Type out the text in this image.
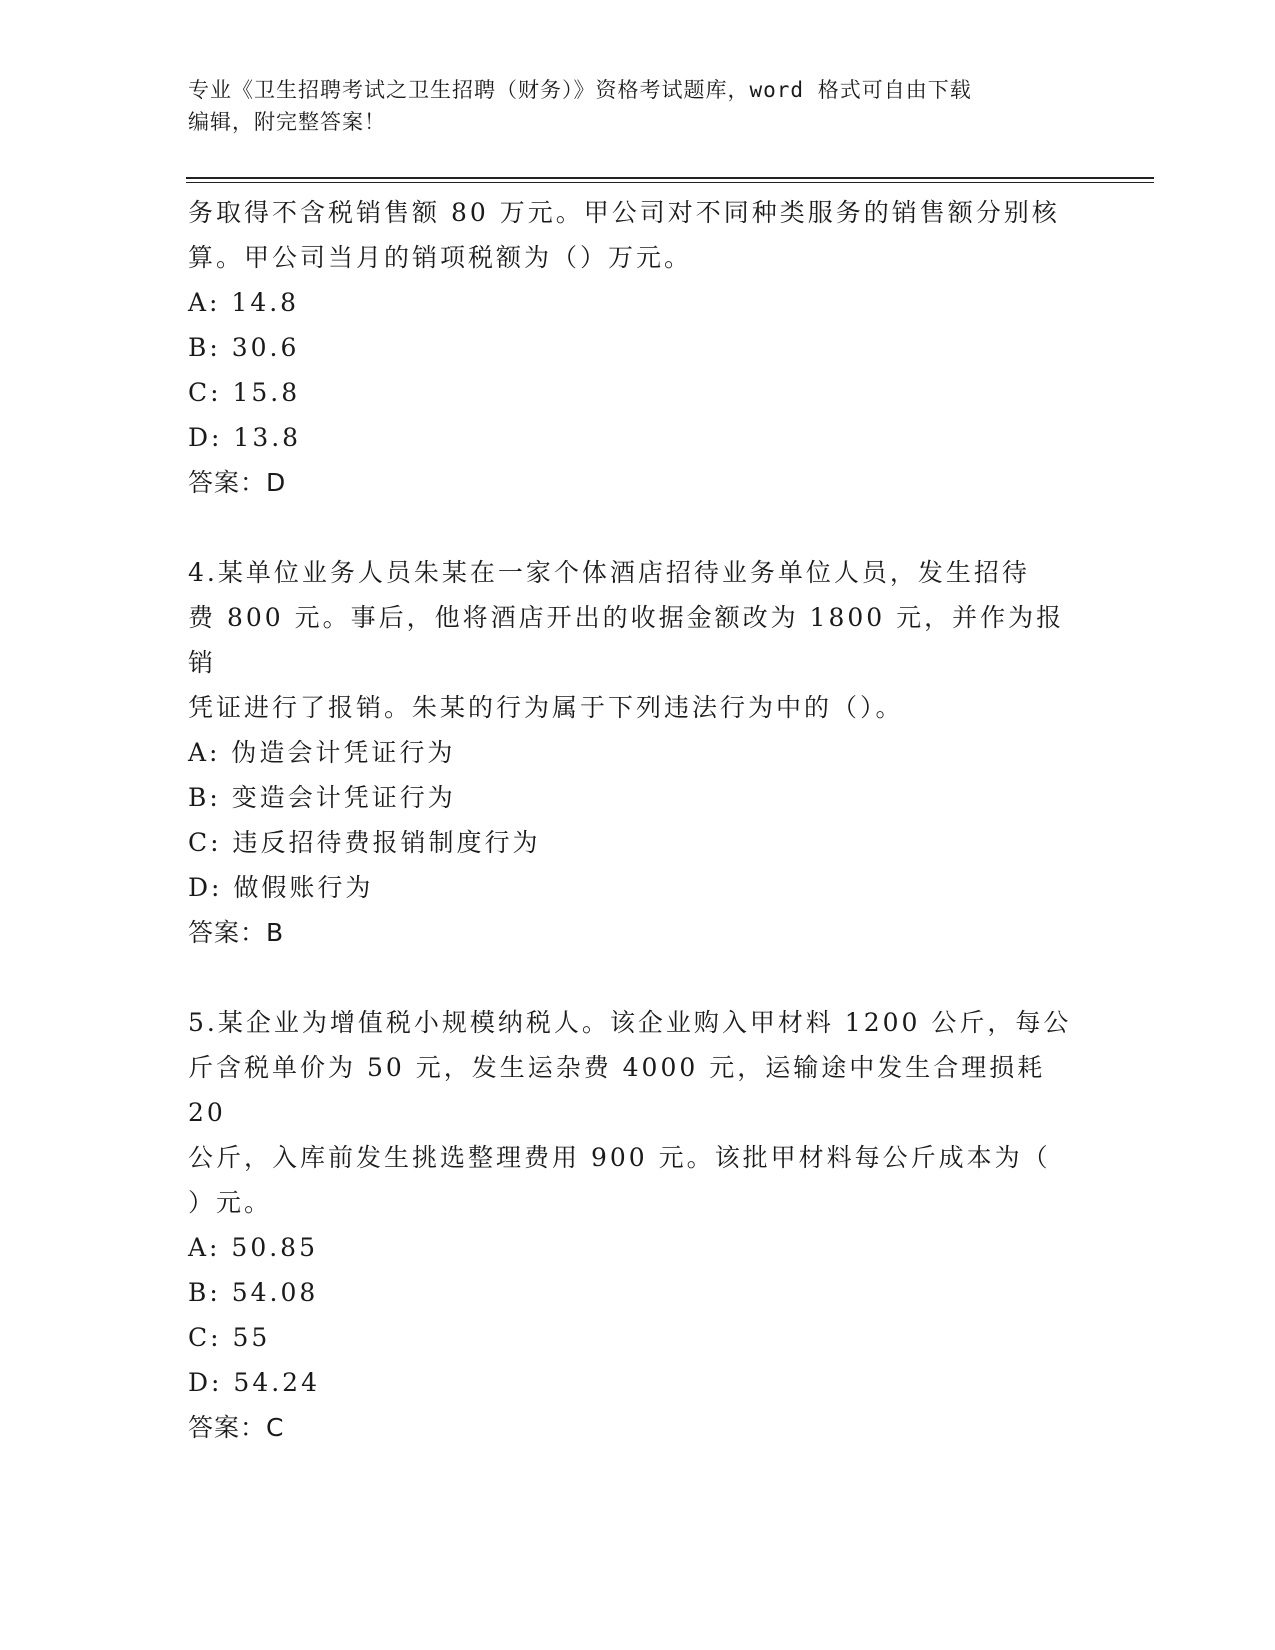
专业《卫生招聘考试之卫生招聘（财务）》资格考试题库，word 格式可自由下载
编辑，附完整答案！

务取得不含税销售额 80 万元。甲公司对不同种类服务的销售额分别核

算。甲公司当月的销项税额为（）万元。

A: 14.8

B: 30.6

C: 15.8

D: 13.8

答案：D

4.某单位业务人员朱某在一家个体酒店招待业务单位人员，发生招待

费 800 元。事后，他将酒店开出的收据金额改为 1800 元，并作为报销

凭证进行了报销。朱某的行为属于下列违法行为中的（）。

A: 伪造会计凭证行为

B: 变造会计凭证行为

C: 违反招待费报销制度行为

D: 做假账行为

答案：B

5.某企业为增值税小规模纳税人。该企业购入甲材料 1200 公斤，每公

斤含税单价为 50 元，发生运杂费 4000 元，运输途中发生合理损耗 20

公斤，入库前发生挑选整理费用 900 元。该批甲材料每公斤成本为（

）元。

A: 50.85

B: 54.08

C: 55

D: 54.24

答案：C
